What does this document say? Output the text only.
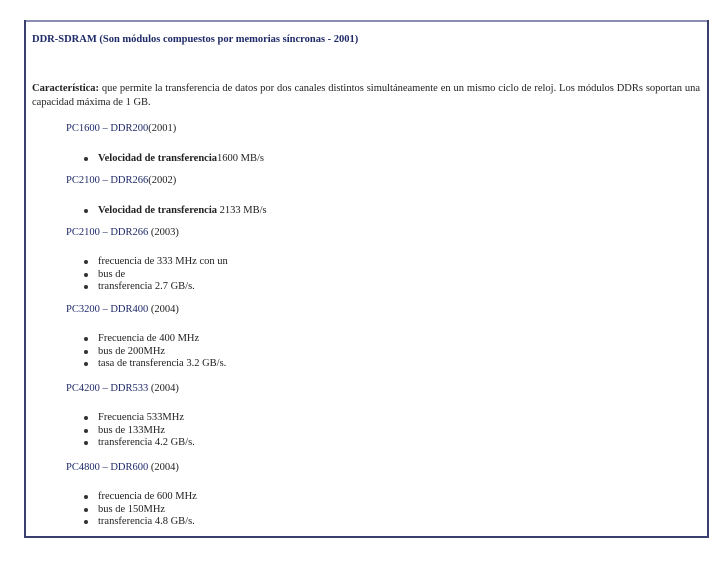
DDR-SDRAM (Son módulos compuestos por memorias síncronas - 2001)
Característica: que permite la transferencia de datos por dos canales distintos simultáneamente en un mismo ciclo de reloj. Los módulos DDRs soportan una capacidad máxima de 1 GB.
PC1600 – DDR200(2001)
Velocidad de transferencia1600 MB/s
PC2100 – DDR266(2002)
Velocidad de transferencia 2133 MB/s
PC2100 – DDR266 (2003)
frecuencia de 333 MHz con un
bus de
transferencia 2.7 GB/s.
PC3200 – DDR400 (2004)
Frecuencia de 400 MHz
bus de 200MHz
tasa de transferencia 3.2 GB/s.
PC4200 – DDR533 (2004)
Frecuencia 533MHz
bus de 133MHz
transferencia 4.2 GB/s.
PC4800 – DDR600 (2004)
frecuencia de 600 MHz
bus de 150MHz
transferencia 4.8 GB/s.
